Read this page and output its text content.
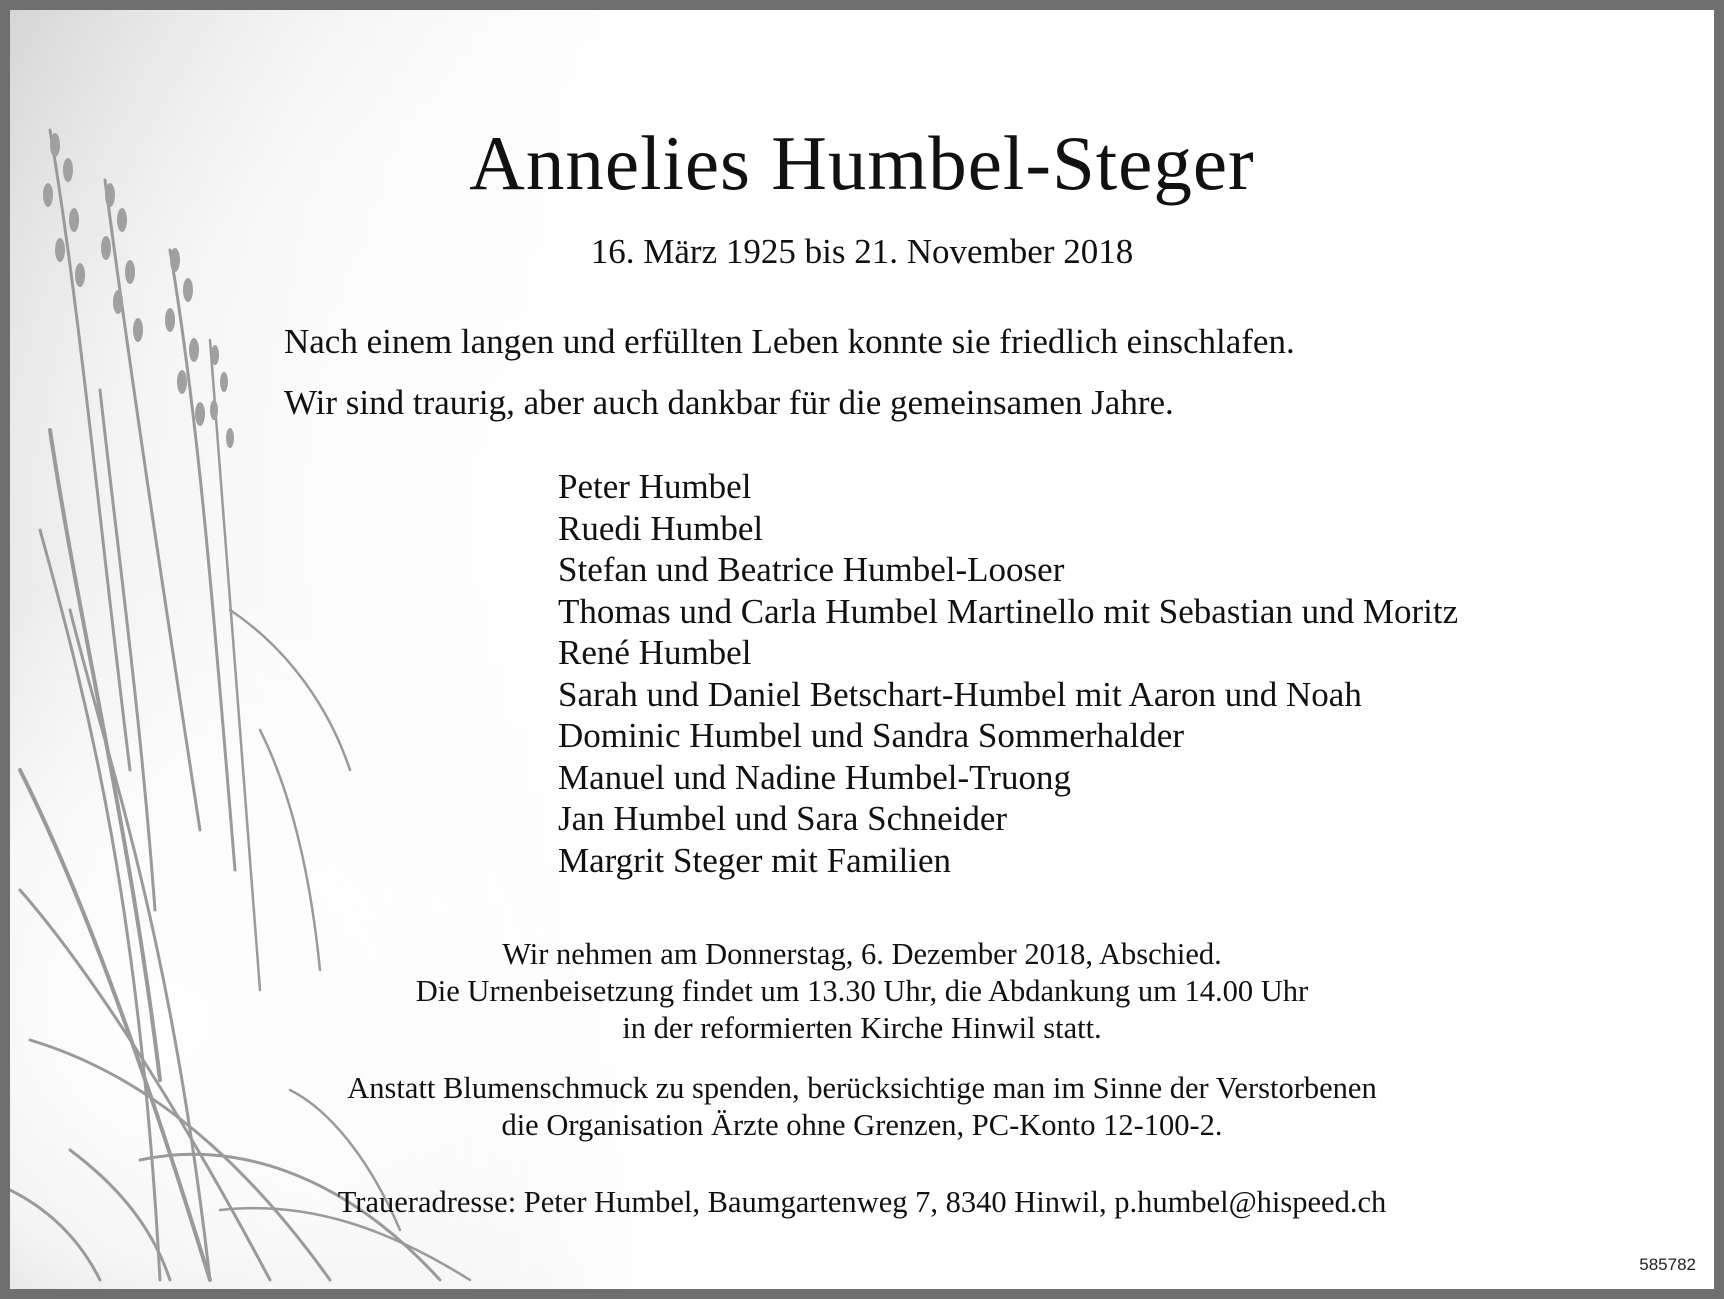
Annelies Humbel-Steger
16. März 1925 bis 21. November 2018
Nach einem langen und erfüllten Leben konnte sie friedlich einschlafen.
Wir sind traurig, aber auch dankbar für die gemeinsamen Jahre.
Peter Humbel
Ruedi Humbel
Stefan und Beatrice Humbel-Looser
Thomas und Carla Humbel Martinello mit Sebastian und Moritz
René Humbel
Sarah und Daniel Betschart-Humbel mit Aaron und Noah
Dominic Humbel und Sandra Sommerhalder
Manuel und Nadine Humbel-Truong
Jan Humbel und Sara Schneider
Margrit Steger mit Familien
Wir nehmen am Donnerstag, 6. Dezember 2018, Abschied.
Die Urnenbeisetzung findet um 13.30 Uhr, die Abdankung um 14.00 Uhr
in der reformierten Kirche Hinwil statt.
Anstatt Blumenschmuck zu spenden, berücksichtige man im Sinne der Verstorbenen
die Organisation Ärzte ohne Grenzen, PC-Konto 12-100-2.
Traueradresse: Peter Humbel, Baumgartenweg 7, 8340 Hinwil, p.humbel@hispeed.ch
585782
